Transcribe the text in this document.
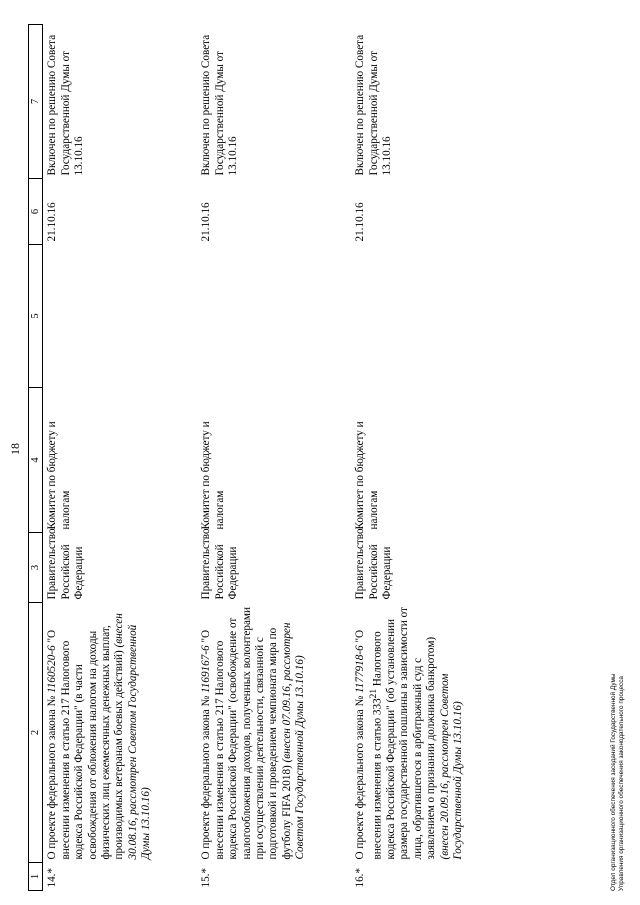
18
1	2	3	4	5	6	7
14.*	О проекте федерального закона № 1160520-6 "О внесении изменения в статью 217 Налогового кодекса Российской Федерации" (в части освобождения от обложения налогом на доходы физических лиц ежемесячных денежных выплат, производимых ветеранам боевых действий) (внесен 30.08.16, рассмотрен Советом Государственной Думы 13.10.16)	Правительство Российской Федерации	Комитет по бюджету и налогам		21.10.16	Включен по решению Совета Государственной Думы от 13.10.16
15.*	О проекте федерального закона № 1169167-6 "О внесении изменения в статью 217 Налогового кодекса Российской Федерации" (освобождение от налогообложения доходов, полученных волонтерами при осуществлении деятельности, связанной с подготовкой и проведением чемпионата мира по футболу FIFA 2018) (внесен 07.09.16, рассмотрен Советом Государственной Думы 13.10.16)	Правительство Российской Федерации	Комитет по бюджету и налогам		21.10.16	Включен по решению Совета Государственной Думы от 13.10.16
16.*	О проекте федерального закона № 1177918-6 "О внесении изменения в статью $333^{21}$ Налогового кодекса Российской Федерации" (об установлении размера государственной пошлины в зависимости от лица, обратившегося в арбитражный суд с заявлением о признании должника банкротом) (внесен 20.09.16, рассмотрен Советом Государственной Думы 13.10.16)	Правительство Российской Федерации	Комитет по бюджету и налогам		21.10.16	Включен по решению Совета Государственной Думы от 13.10.16
Отдел организационного обеспечения заседаний Государственной Думы Управления организационного обеспечения законодательного процесса
